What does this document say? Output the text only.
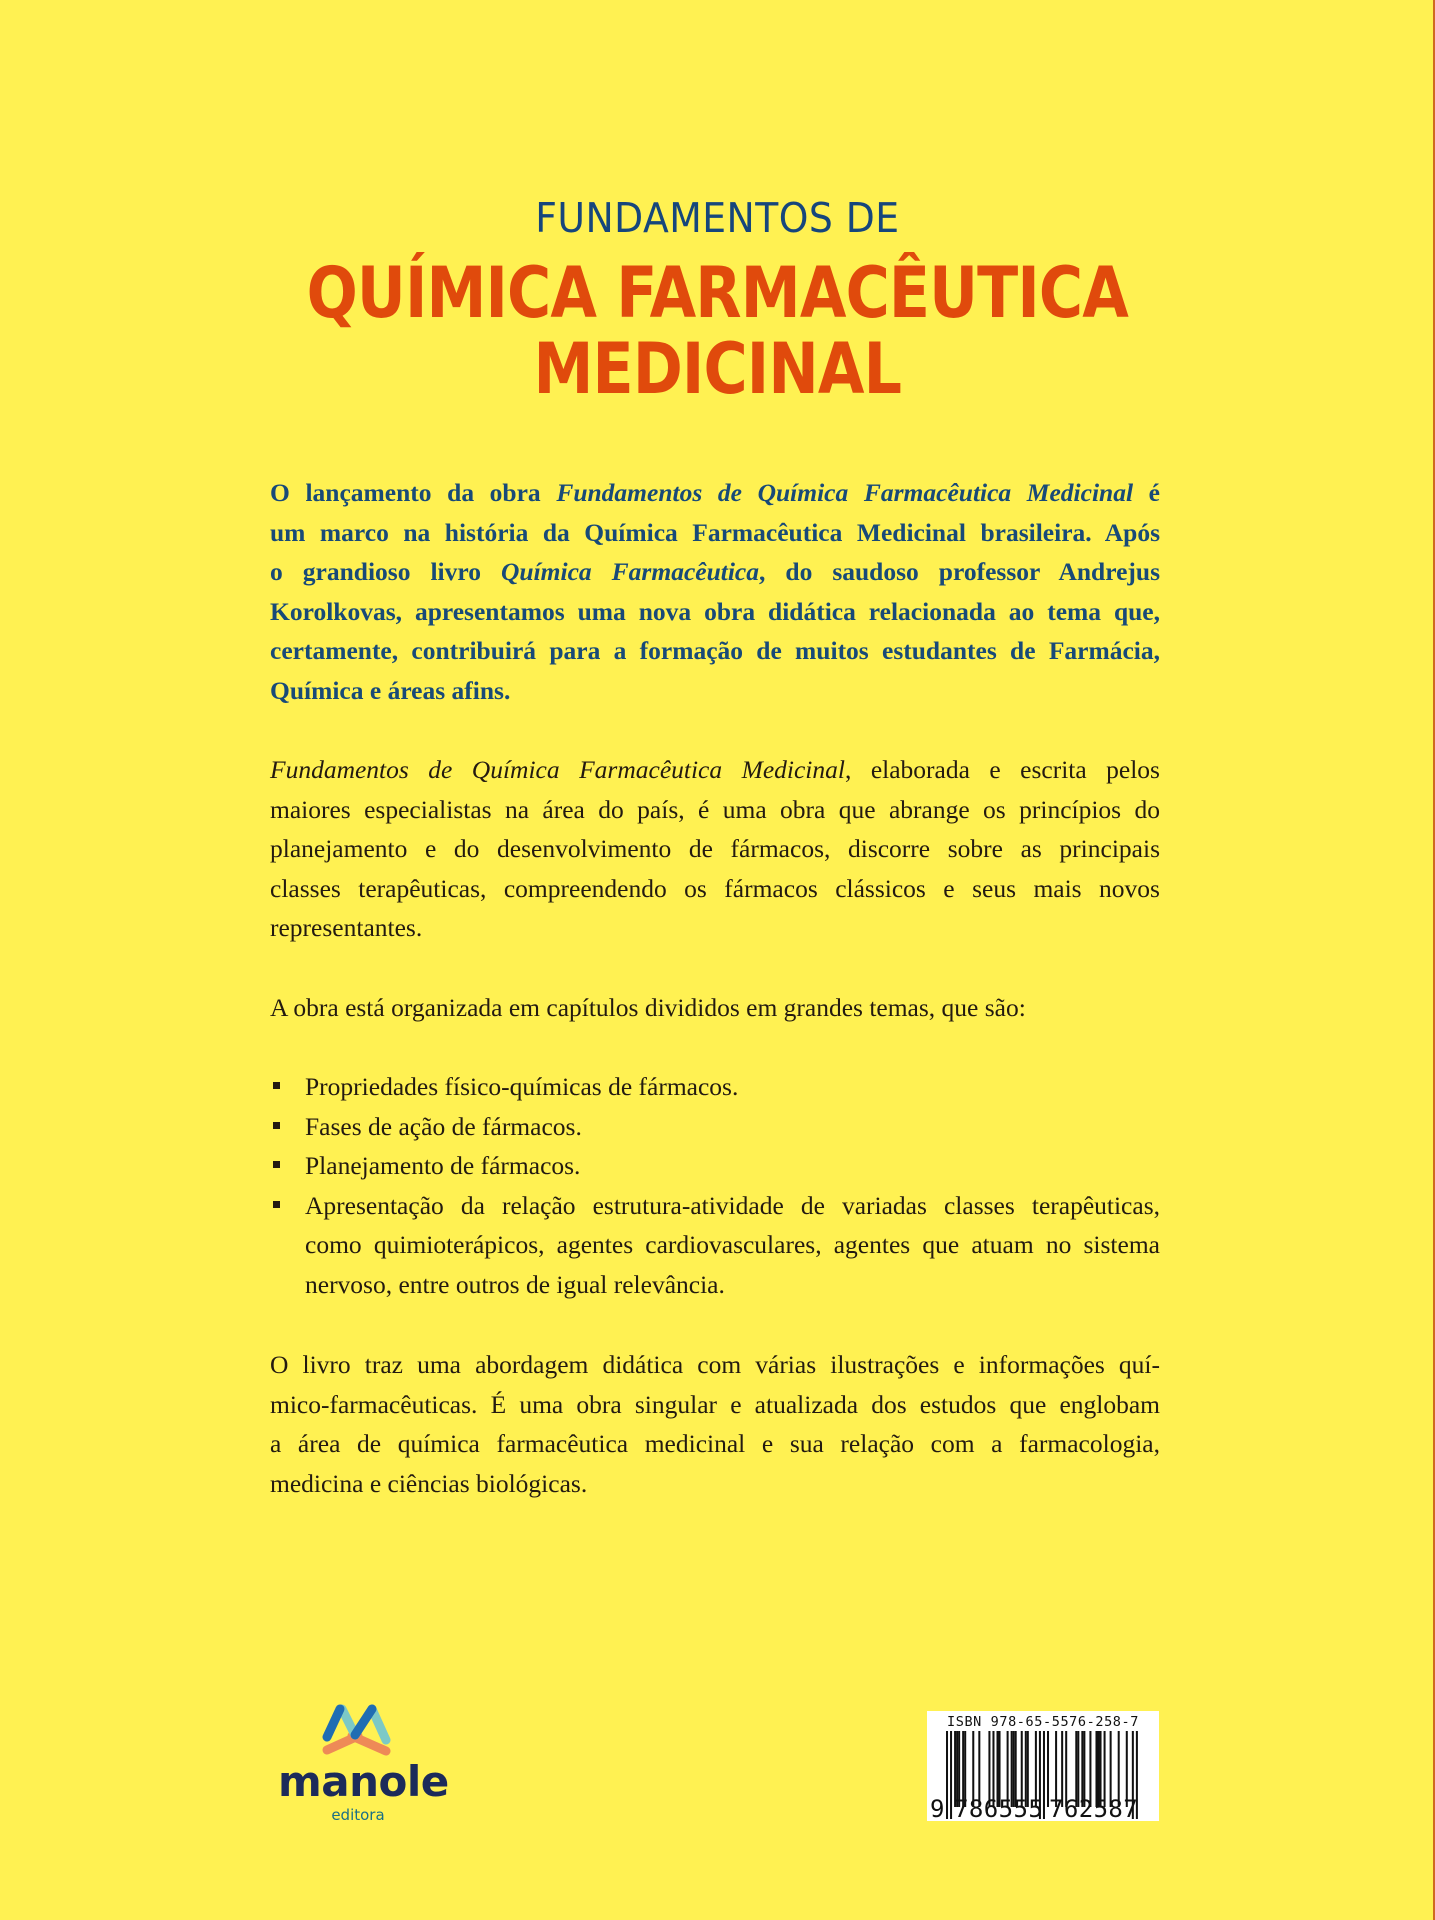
FUNDAMENTOS DE
QUÍMICA FARMACÊUTICA
MEDICINAL
O lançamento da obra Fundamentos de Química Farmacêutica Medicinal é
um marco na história da Química Farmacêutica Medicinal brasileira. Após
o grandioso livro Química Farmacêutica, do saudoso professor Andrejus
Korolkovas, apresentamos uma nova obra didática relacionada ao tema que,
certamente, contribuirá para a formação de muitos estudantes de Farmácia,
Química e áreas afins.
Fundamentos de Química Farmacêutica Medicinal, elaborada e escrita pelos
maiores especialistas na área do país, é uma obra que abrange os princípios do
planejamento e do desenvolvimento de fármacos, discorre sobre as principais
classes terapêuticas, compreendendo os fármacos clássicos e seus mais novos
representantes.
A obra está organizada em capítulos divididos em grandes temas, que são:
Propriedades físico-químicas de fármacos.
Fases de ação de fármacos.
Planejamento de fármacos.
Apresentação da relação estrutura-atividade de variadas classes terapêuticas,
como quimioterápicos, agentes cardiovasculares, agentes que atuam no sistema
nervoso, entre outros de igual relevância.
O livro traz uma abordagem didática com várias ilustrações e informações quí-
mico-farmacêuticas. É uma obra singular e atualizada dos estudos que englobam
a área de química farmacêutica medicinal e sua relação com a farmacologia,
medicina e ciências biológicas.
manole
editora
ISBN 978-65-5576-258-7
9 786555 762587
